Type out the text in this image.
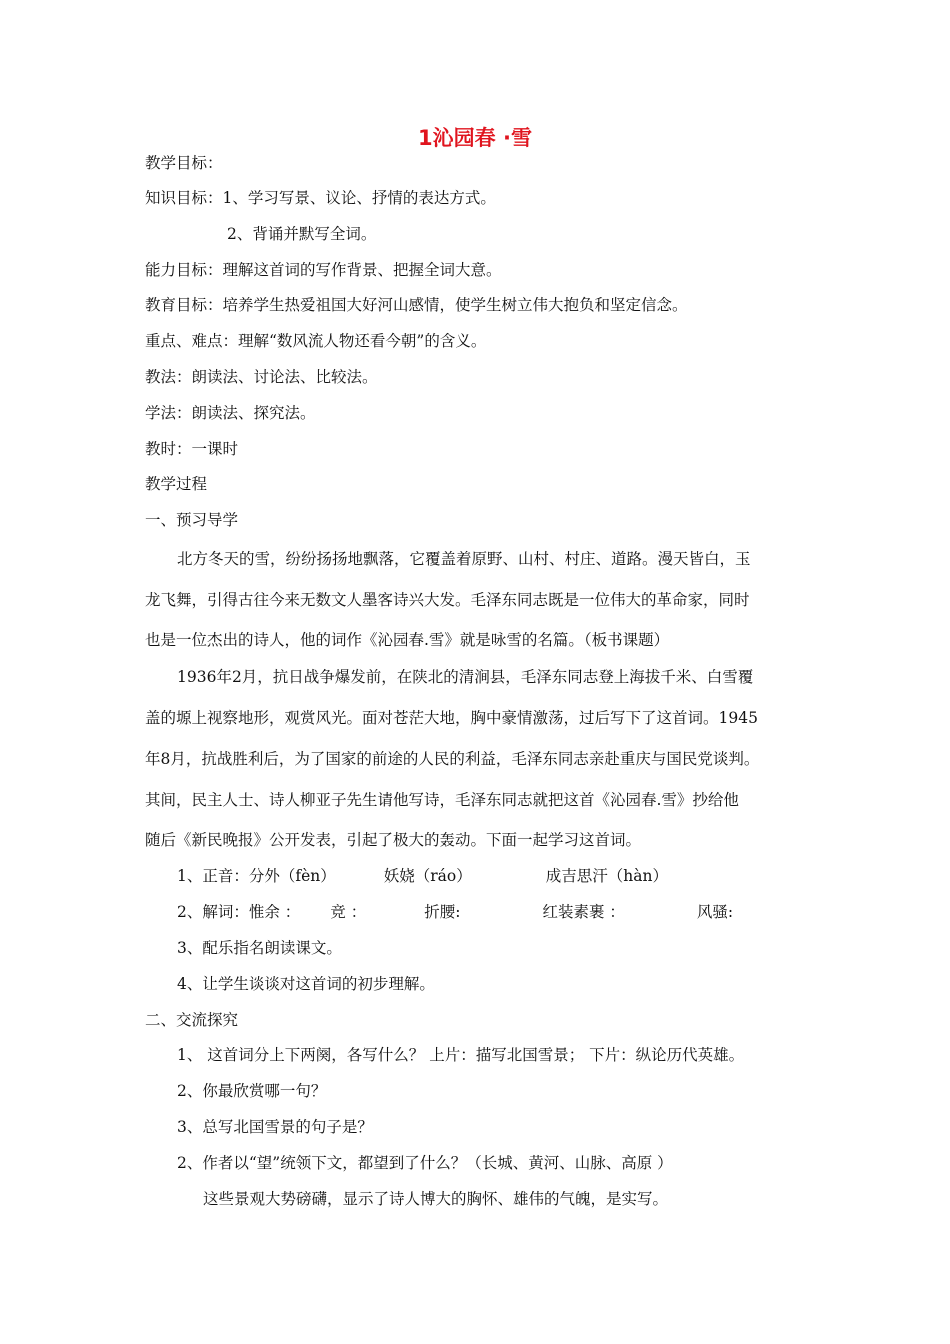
1沁园春 ·雪
教学目标：
知识目标：1、学习写景、议论、抒情的表达方式。
2、背诵并默写全词。
能力目标：理解这首词的写作背景、把握全词大意。
教育目标：培养学生热爱祖国大好河山感情，使学生树立伟大抱负和坚定信念。
重点、难点：理解“数风流人物还看今朝”的含义。
教法：朗读法、讨论法、比较法。
学法：朗读法、探究法。
教时：一课时
教学过程
一、预习导学
北方冬天的雪，纷纷扬扬地飘落，它覆盖着原野、山村、村庄、道路。漫天皆白，玉
龙飞舞，引得古往今来无数文人墨客诗兴大发。毛泽东同志既是一位伟大的革命家，同时
也是一位杰出的诗人，他的词作《沁园春.雪》就是咏雪的名篇。（板书课题）
1936年2月，抗日战争爆发前，在陕北的清涧县，毛泽东同志登上海拔千米、白雪覆
盖的塬上视察地形，观赏风光。面对苍茫大地，胸中豪情激荡，过后写下了这首词。1945
年8月，抗战胜利后，为了国家的前途的人民的利益，毛泽东同志亲赴重庆与国民党谈判。
其间，民主人士、诗人柳亚子先生请他写诗，毛泽东同志就把这首《沁园春.雪》抄给他
随后《新民晚报》公开发表，引起了极大的轰动。下面一起学习这首词。
1、正音：分外（fèn）	妖娆（ráo）	成吉思汗（hàn）
2、解词：惟余 ： 竞 ：	折腰:	红装素裹 ：	风骚:
3、配乐指名朗读课文。
4、让学生谈谈对这首词的初步理解。
二、交流探究
1、 这首词分上下两阕，各写什么？ 上片：描写北国雪景； 下片：纵论历代英雄。
2、你最欣赏哪一句？
3、总写北国雪景的句子是？
2、作者以“望”统领下文，都望到了什么？（长城、黄河、山脉、高原 ）
这些景观大势磅礴，显示了诗人博大的胸怀、雄伟的气魄，是实写。
